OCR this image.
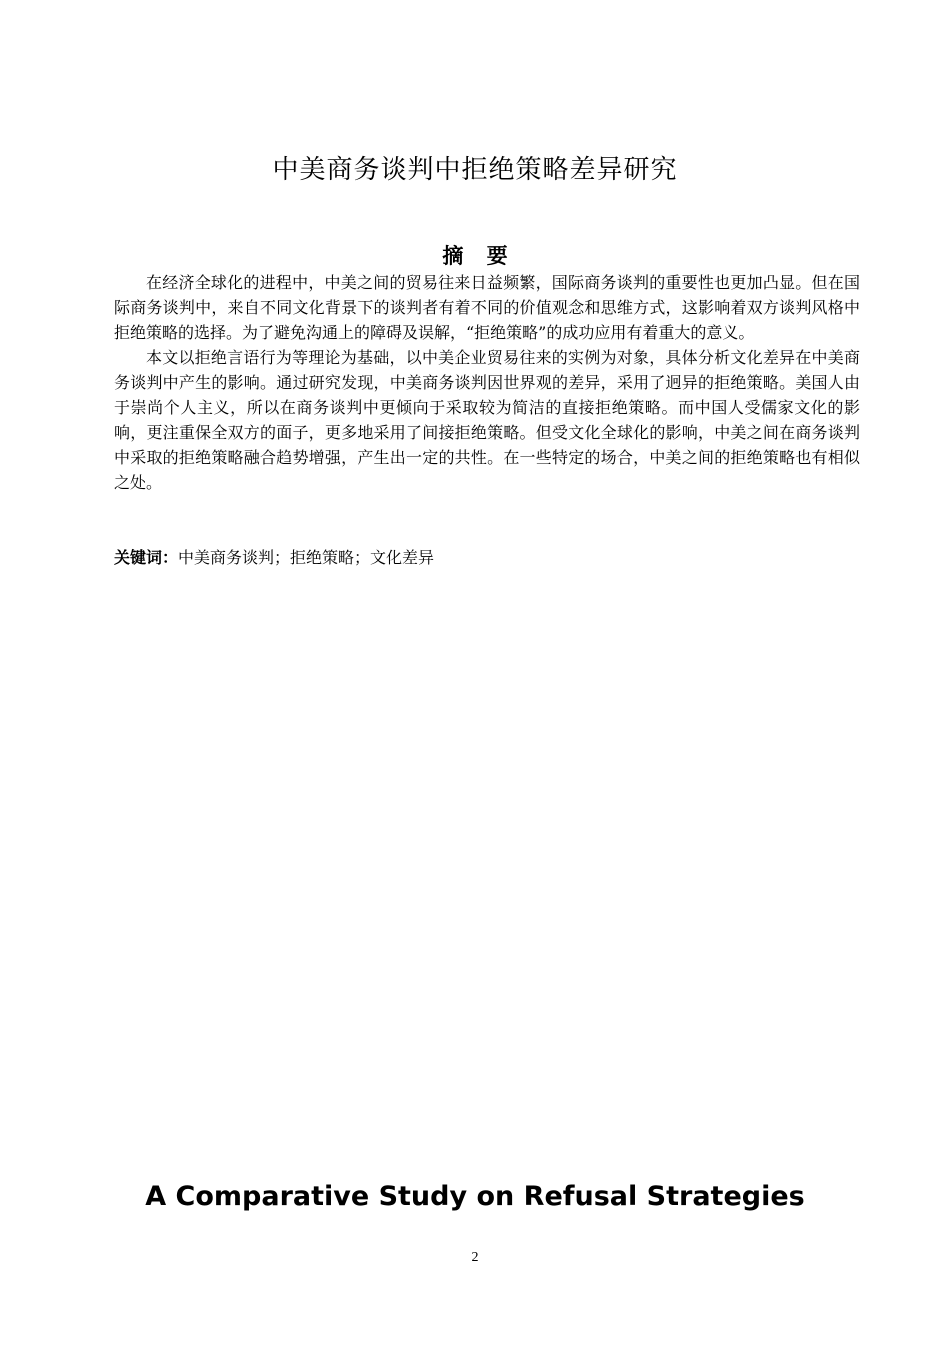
中美商务谈判中拒绝策略差异研究
摘 要

在经济全球化的进程中，中美之间的贸易往来日益频繁，国际商务谈判的重要性也更加凸显。但在国际商务谈判中，来自不同文化背景下的谈判者有着不同的价值观念和思维方式，这影响着双方谈判风格中拒绝策略的选择。为了避免沟通上的障碍及误解，“拒绝策略”的成功应用有着重大的意义。

本文以拒绝言语行为等理论为基础，以中美企业贸易往来的实例为对象，具体分析文化差异在中美商务谈判中产生的影响。通过研究发现，中美商务谈判因世界观的差异，采用了迥异的拒绝策略。美国人由于崇尚个人主义，所以在商务谈判中更倾向于采取较为简洁的直接拒绝策略。而中国人受儒家文化的影响，更注重保全双方的面子，更多地采用了间接拒绝策略。但受文化全球化的影响，中美之间在商务谈判中采取的拒绝策略融合趋势增强，产生出一定的共性。在一些特定的场合，中美之间的拒绝策略也有相似之处。

关键词：中美商务谈判；拒绝策略；文化差异
A Comparative Study on Refusal Strategies
2
